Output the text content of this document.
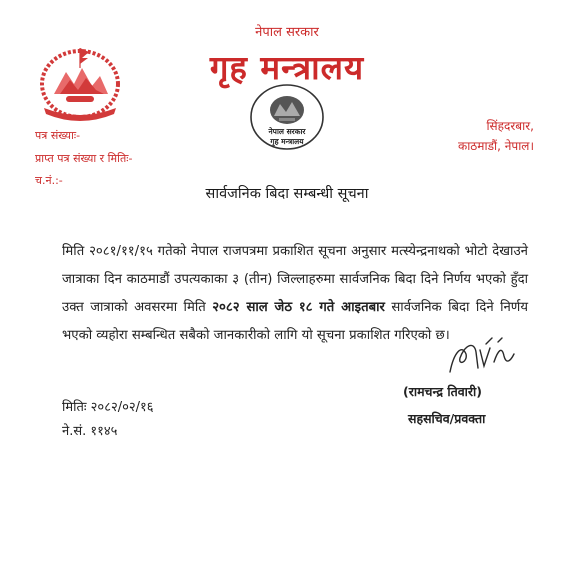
नेपाल सरकार
गृह मन्त्रालय
नेपाल सरकार
गृह मन्त्रालय
पत्र संख्याः-
प्राप्त पत्र संख्या र मितिः-
च.नं.:-
सिंहदरबार,
काठमाडौं, नेपाल।
सार्वजनिक बिदा सम्बन्धी सूचना
मिति २०८१/११/१५ गतेको नेपाल राजपत्रमा प्रकाशित सूचना अनुसार मत्स्येन्द्रनाथको भोटो देखाउने जात्राका दिन काठमाडौं उपत्यकाका ३ (तीन) जिल्लाहरुमा सार्वजनिक बिदा दिने निर्णय भएको हुँदा उक्त जात्राको अवसरमा मिति २०८२ साल जेठ १८ गते आइतबार सार्वजनिक बिदा दिने निर्णय भएको व्यहोरा सम्बन्धित सबैको जानकारीको लागि यो सूचना प्रकाशित गरिएको छ।
(रामचन्द्र तिवारी)
सहसचिव/प्रवक्ता
मितिः २०८२/०२/१६
ने.सं. ११४५
